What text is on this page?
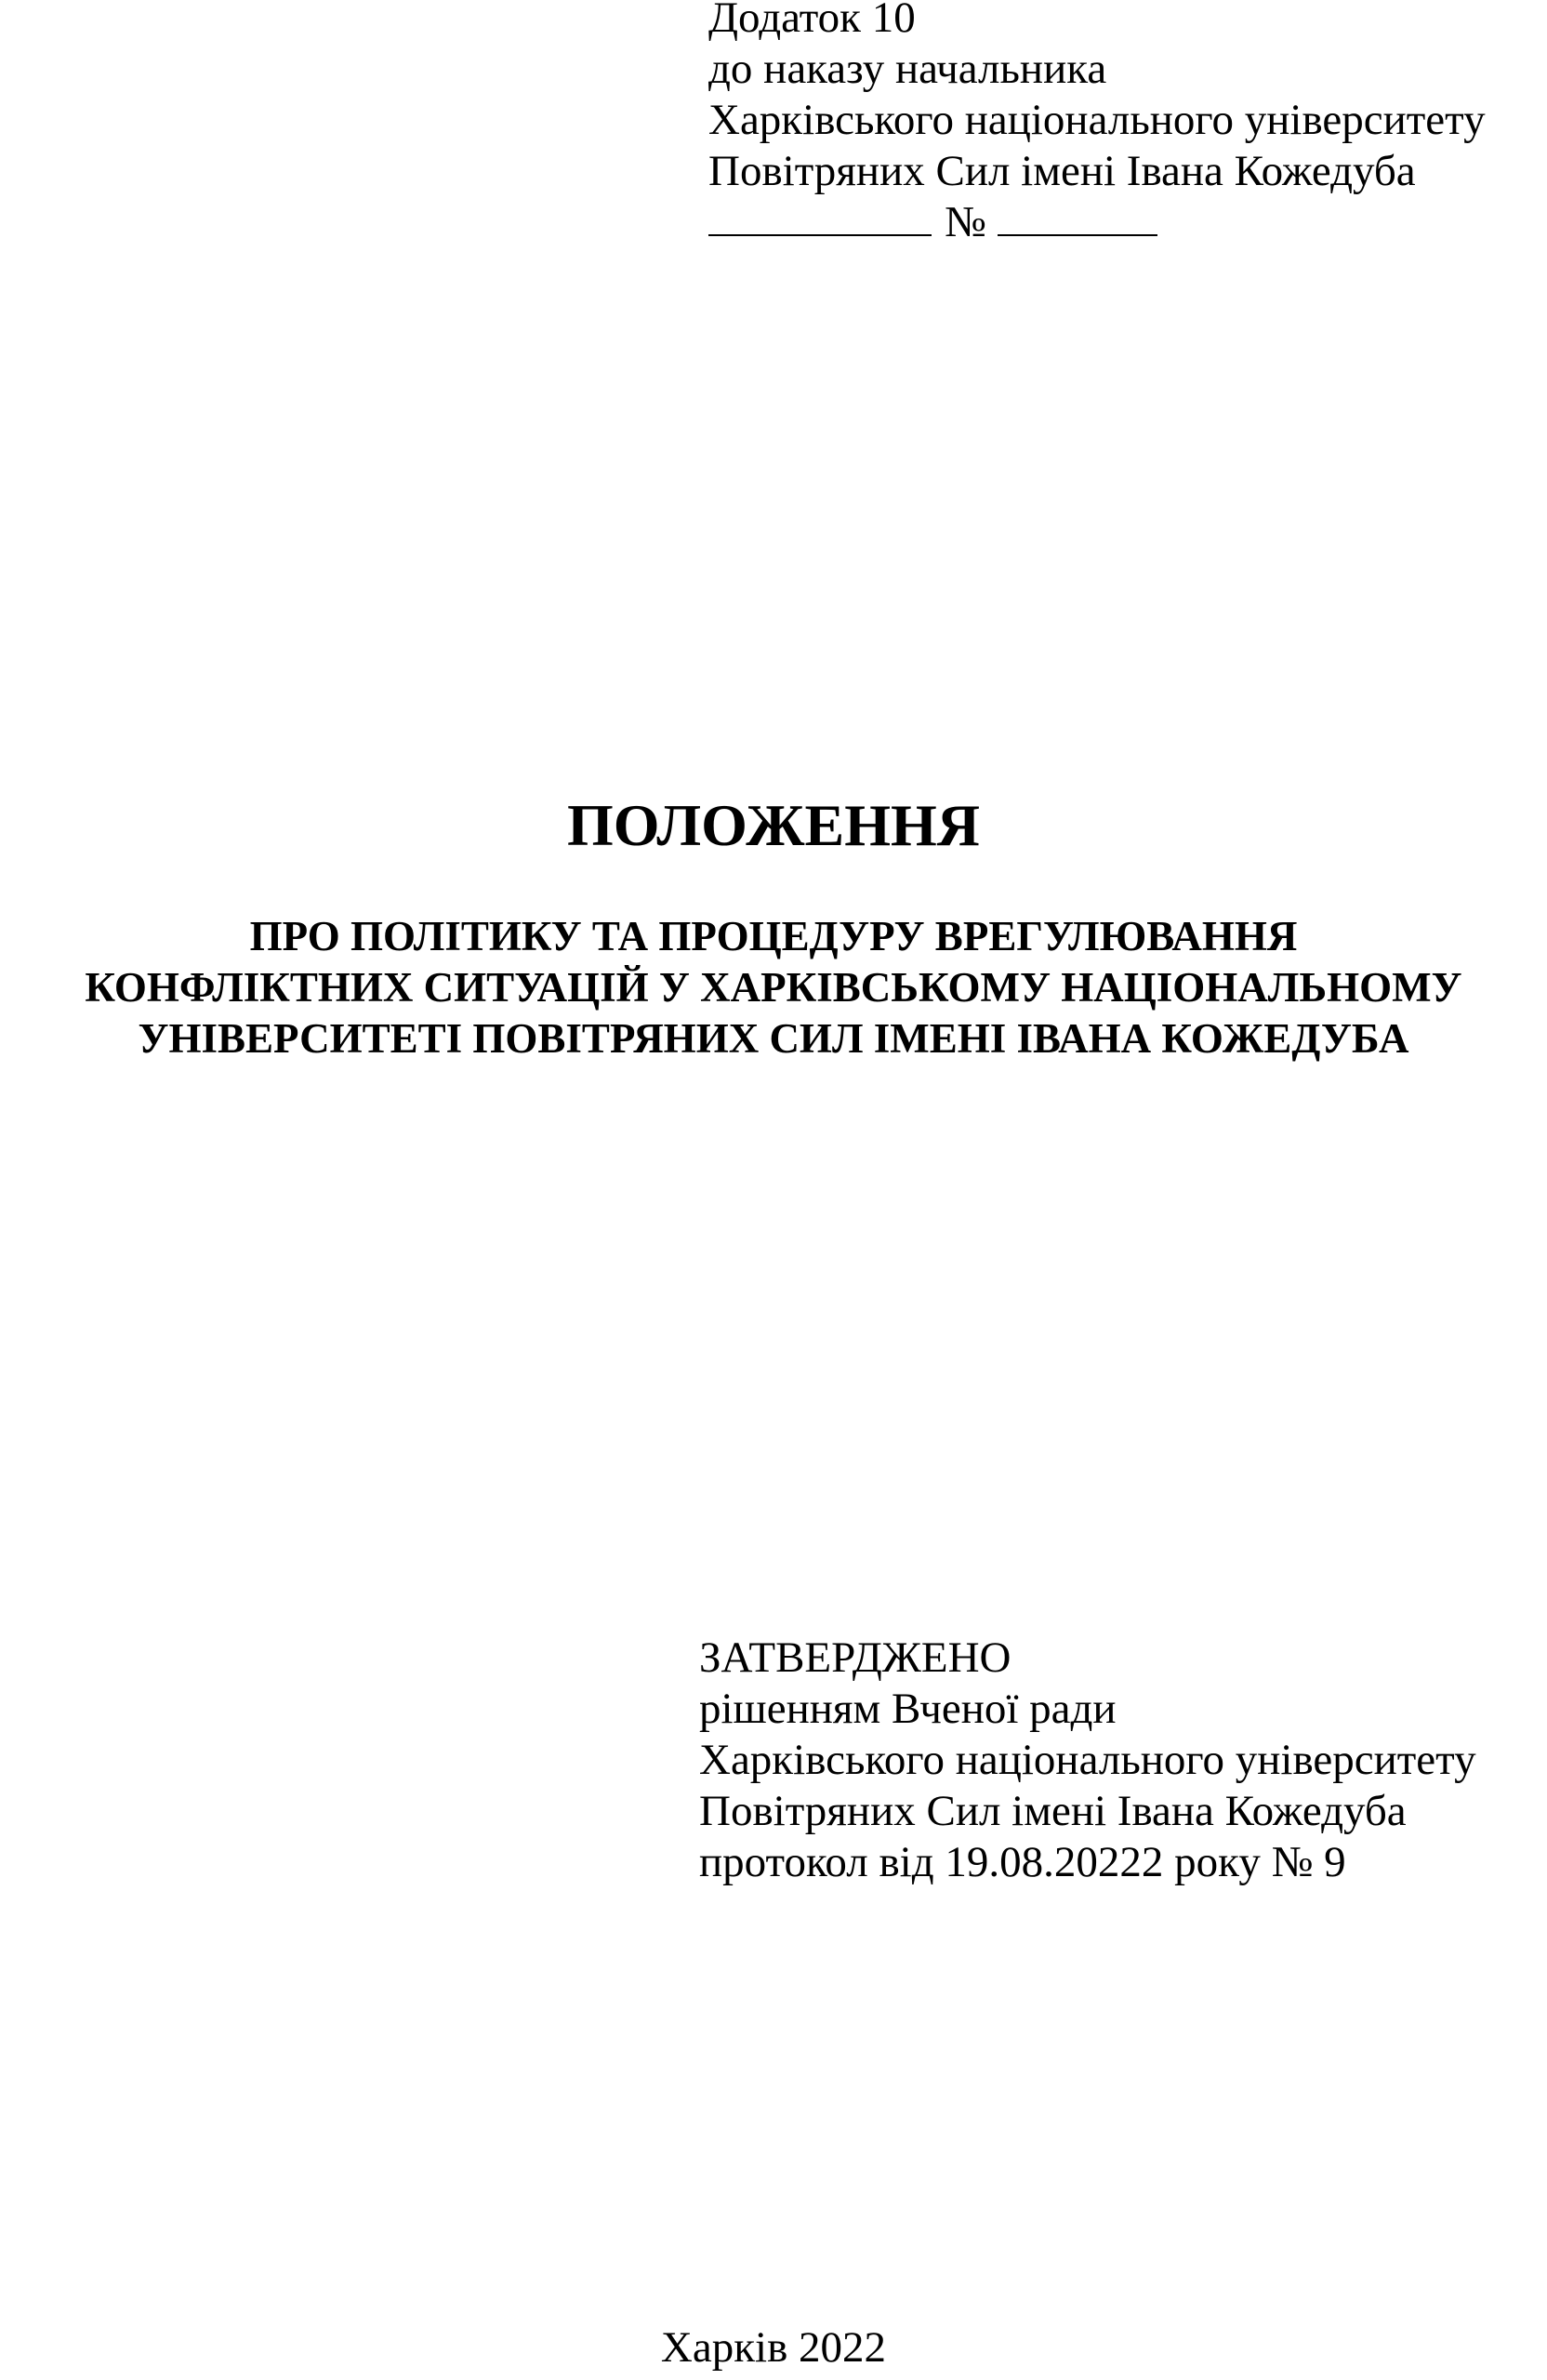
Додаток 10
до наказу начальника
Харківського національного університету
Повітряних Сил імені Івана Кожедуба
№
ПОЛОЖЕННЯ
ПРО ПОЛІТИКУ ТА ПРОЦЕДУРУ ВРЕГУЛЮВАННЯ
КОНФЛІКТНИХ СИТУАЦІЙ У ХАРКІВСЬКОМУ НАЦІОНАЛЬНОМУ
УНІВЕРСИТЕТІ ПОВІТРЯНИХ СИЛ ІМЕНІ ІВАНА КОЖЕДУБА
ЗАТВЕРДЖЕНО
рішенням Вченої ради
Харківського національного університету
Повітряних Сил імені Івана Кожедуба
протокол від 19.08.20222 року № 9
Харків 2022
